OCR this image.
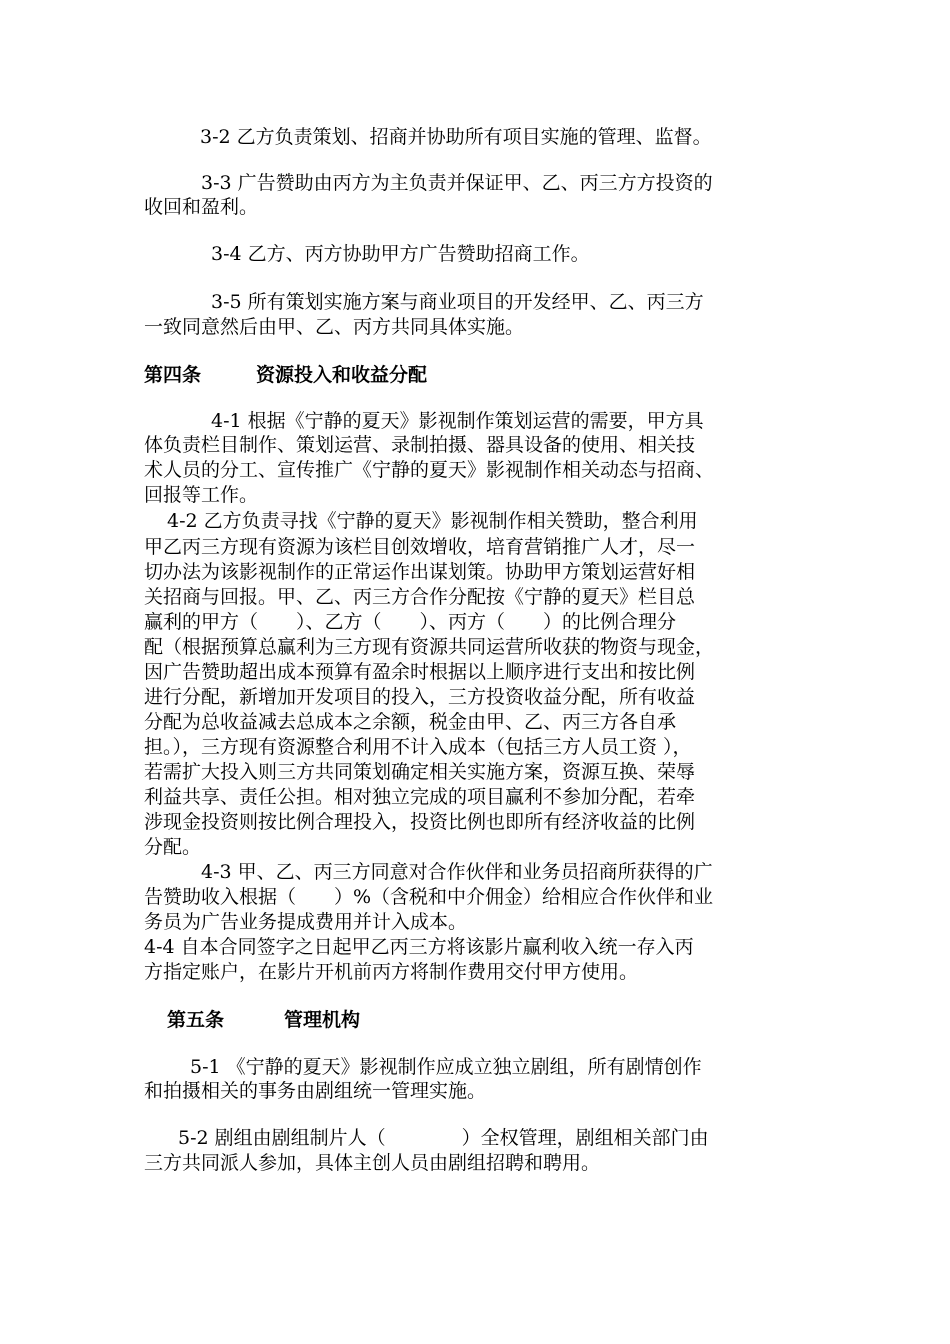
3-2 乙方负责策划、招商并协助所有项目实施的管理、监督。
3-3 广告赞助由丙方为主负责并保证甲、乙、丙三方方投资的
收回和盈利。
3-4 乙方、丙方协助甲方广告赞助招商工作。
3-5 所有策划实施方案与商业项目的开发经甲、乙、丙三方
一致同意然后由甲、乙、丙方共同具体实施。
第四条	资源投入和收益分配
4-1 根据《宁静的夏天》影视制作策划运营的需要，甲方具
体负责栏目制作、策划运营、录制拍摄、器具设备的使用、相关技
术人员的分工、宣传推广《宁静的夏天》影视制作相关动态与招商、
回报等工作。
4-2 乙方负责寻找《宁静的夏天》影视制作相关赞助，整合利用
甲乙丙三方现有资源为该栏目创效增收，培育营销推广人才，尽一
切办法为该影视制作的正常运作出谋划策。协助甲方策划运营好相
关招商与回报。甲、乙、丙三方合作分配按《宁静的夏天》栏目总
赢利的甲方（　　）、乙方（　　）、丙方（　　）的比例合理分
配（根据预算总赢利为三方现有资源共同运营所收获的物资与现金，
因广告赞助超出成本预算有盈余时根据以上顺序进行支出和按比例
进行分配，新增加开发项目的投入，三方投资收益分配，所有收益
分配为总收益减去总成本之余额，税金由甲、乙、丙三方各自承
担。），三方现有资源整合利用不计入成本（包括三方人员工资 ），
若需扩大投入则三方共同策划确定相关实施方案，资源互换、荣辱
利益共享、责任公担。相对独立完成的项目赢利不参加分配，若牵
涉现金投资则按比例合理投入，投资比例也即所有经济收益的比例
分配。
4-3 甲、乙、丙三方同意对合作伙伴和业务员招商所获得的广
告赞助收入根据（　　）%（含税和中介佣金）给相应合作伙伴和业
务员为广告业务提成费用并计入成本。
4-4 自本合同签字之日起甲乙丙三方将该影片赢利收入统一存入丙
方指定账户，在影片开机前丙方将制作费用交付甲方使用。
第五条	管理机构
5-1 《宁静的夏天》影视制作应成立独立剧组，所有剧情创作
和拍摄相关的事务由剧组统一管理实施。
5-2 剧组由剧组制片人（　　　　）全权管理，剧组相关部门由
三方共同派人参加，具体主创人员由剧组招聘和聘用。
